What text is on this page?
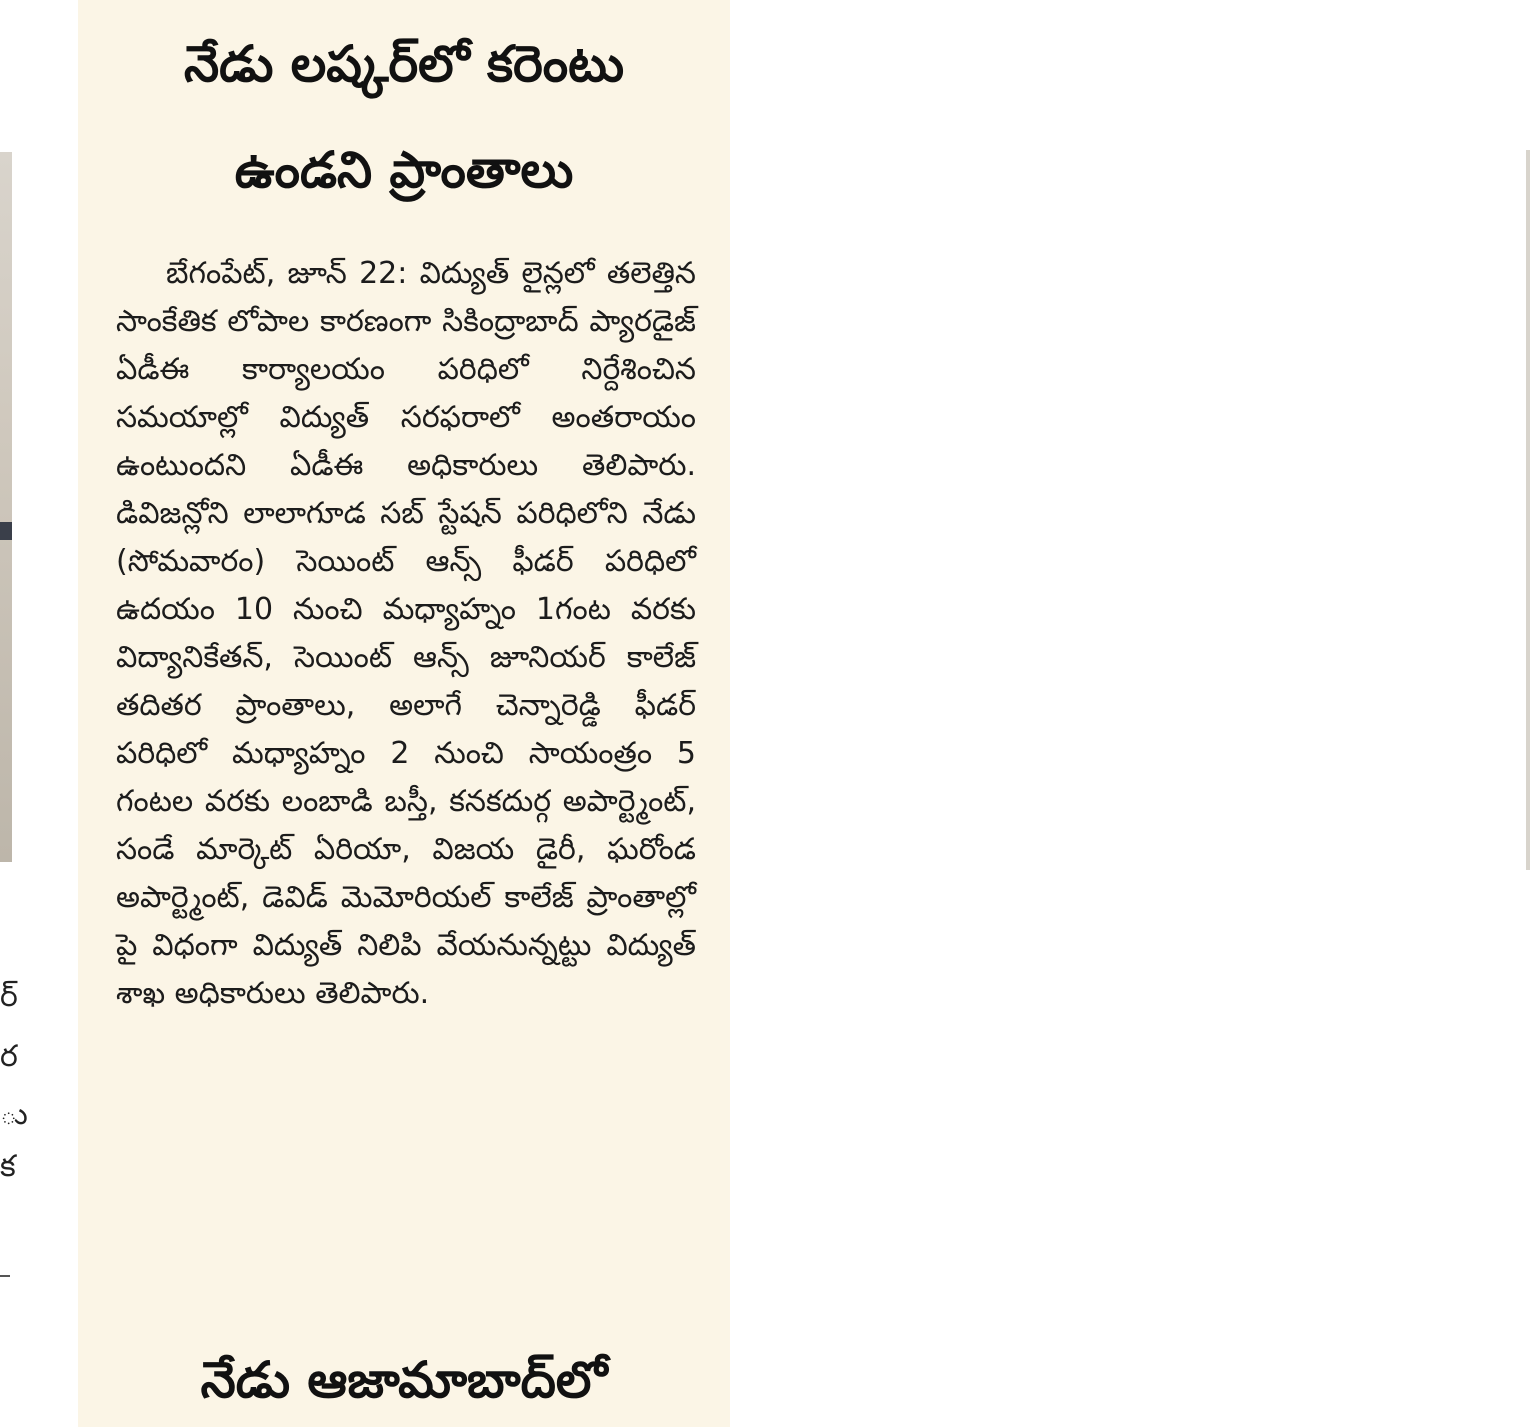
ర్
ర
ు
క
నేడు లష్కర్‌లో కరెంటు
ఉండని ప్రాంతాలు
బేగంపేట్, జూన్ 22: విద్యుత్ లైన్లలో తలెత్తిన సాంకేతిక లోపాల కారణంగా సికింద్రాబాద్ ప్యారడైజ్ ఏడీఈ కార్యాలయం పరిధిలో నిర్దేశించిన సమయాల్లో విద్యుత్ సరఫరాలో అంతరాయం ఉంటుందని ఏడీఈ అధికారులు తెలిపారు. డివిజన్లోని లాలాగూడ సబ్ స్టేషన్ పరిధిలోని నేడు (సోమవారం) సెయింట్ ఆన్స్ ఫీడర్ పరిధిలో ఉదయం 10 నుంచి మధ్యాహ్నం 1గంట వరకు విద్యానికేతన్, సెయింట్ ఆన్స్ జూనియర్ కాలేజ్ తదితర ప్రాంతాలు, అలాగే చెన్నారెడ్డి ఫీడర్ పరిధిలో మధ్యాహ్నం 2 నుంచి సాయంత్రం 5 గంటల వరకు లంబాడి బస్తీ, కనకదుర్గ అపార్ట్మెంట్, సండే మార్కెట్ ఏరియా, విజయ డైరీ, ఘరోండ అపార్ట్మెంట్, డెవిడ్ మెమోరియల్ కాలేజ్ ప్రాంతాల్లో పై విధంగా విద్యుత్ నిలిపి వేయనున్నట్టు విద్యుత్ శాఖ అధికారులు తెలిపారు.
నేడు ఆజామాబాద్‌లో
